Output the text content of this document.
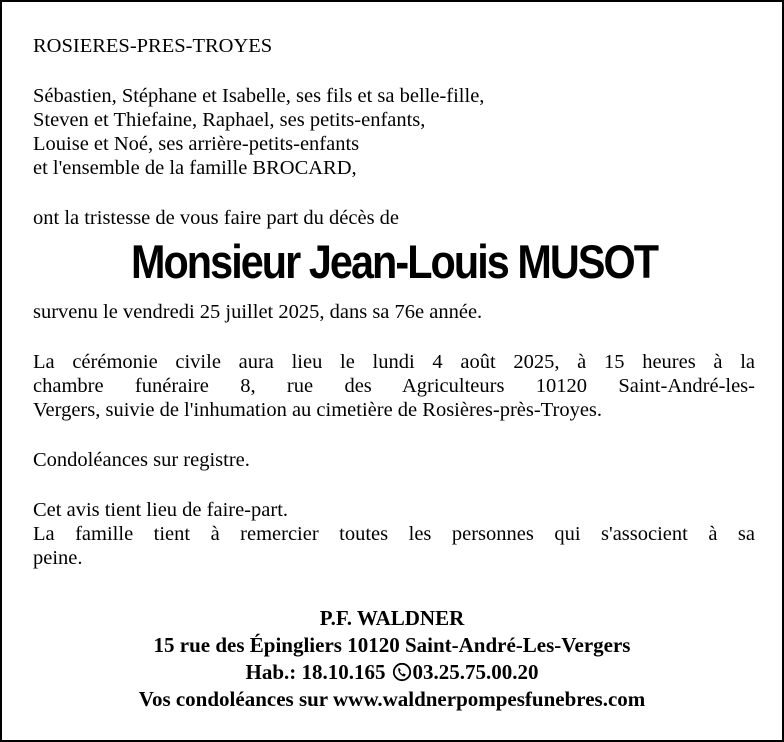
ROSIERES-PRES-TROYES

Sébastien, Stéphane et Isabelle, ses fils et sa belle-fille,
Steven et Thiefaine, Raphael, ses petits-enfants,
Louise et Noé, ses arrière-petits-enfants
et l'ensemble de la famille BROCARD,

ont la tristesse de vous faire part du décès de

Monsieur Jean-Louis MUSOT

survenu le vendredi 25 juillet 2025, dans sa 76e année.

La cérémonie civile aura lieu le lundi 4 août 2025, à 15 heures à la
chambre funéraire 8, rue des Agriculteurs 10120 Saint-André-les-
Vergers, suivie de l'inhumation au cimetière de Rosières-près-Troyes.

Condoléances sur registre.

Cet avis tient lieu de faire-part.
La famille tient à remercier toutes les personnes qui s'associent à sa
peine.

P.F. WALDNER
15 rue des Épingliers 10120 Saint-André-Les-Vergers
Hab.: 18.10.165 03.25.75.00.20
Vos condoléances sur www.waldnerpompesfunebres.com
